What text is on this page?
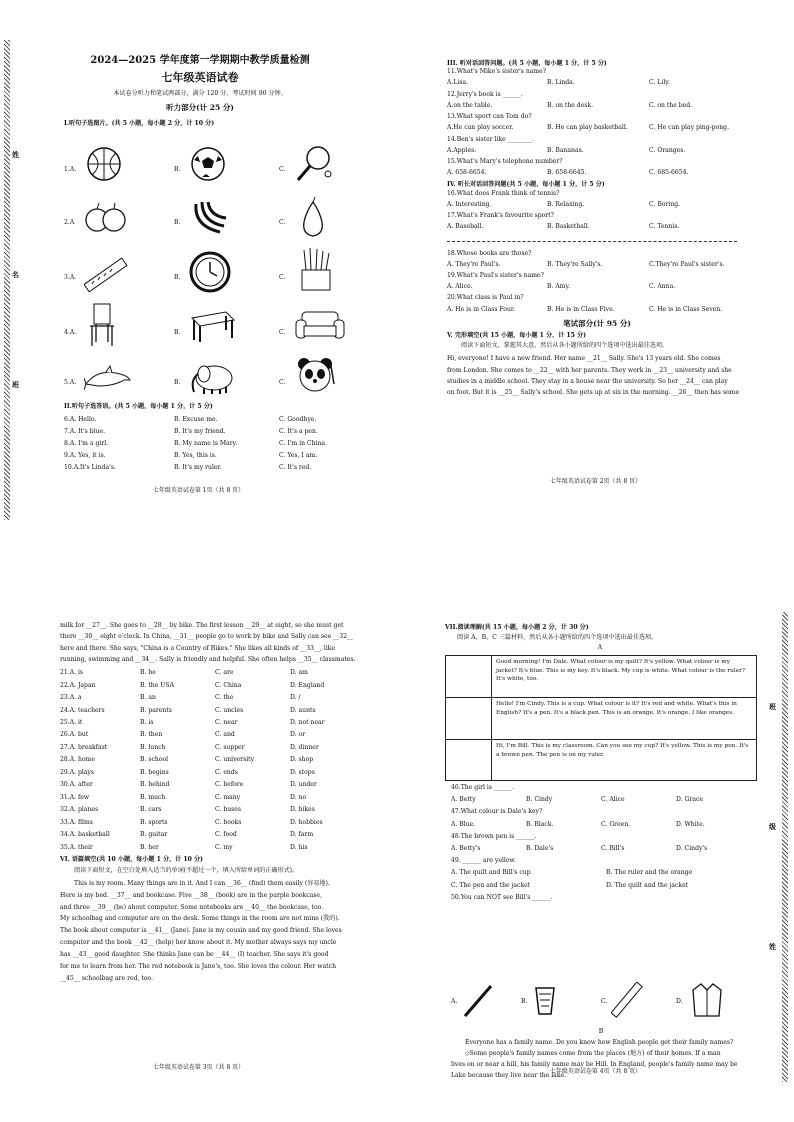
姓
名
班
2024—2025 学年度第一学期期中教学质量检测
七年级英语试卷
本试卷分听力和笔试两部分，满分 120 分，考试时间 90 分钟。
听力部分(计 25 分)
I.听句子选图片。(共 5 小题，每小题 2 分，计 10 分)
1.A.	B.	C.
2.A	B.	C.
3.A.	B.	C.
4.A.	B.	C.
5.A.	B.	C.
II.听句子选答语。(共 5 小题，每小题 1 分，计 5 分)
6.A. Hello.	B. Excuse me.	C. Goodbye.
7.A. It's blue.	B. It's my friend.	C. It's a pen.
8.A. I'm a girl.	B. My name is Mary.	C. I'm in China.
9.A. Yes, it is.	B. Yes, this is.	C. Yes, I am.
10.A.It's Linda's.	B. It's my ruler.	C. It's red.
七年级英语试卷第 1页（共 8 页）
III. 听对话回答问题。(共 5 小题，每小题 1 分，计 5 分)
11.What's Mike's sister's name?
A.Lisa.	B. Linda.	C. Lily.
12.Jerry's book is ______.
A.on the table.	B. on the desk.	C. on the bed.
13.What sport can Tom do?
A.He can play soccer.	B. He can play basketball.	C. He can play ping-pong.
14.Ben's sister like ________.
A.Apples.	B. Bananas.	C. Oranges.
15.What's Mary's telephone number?
A. 658-6654.	B. 658-6645.	C. 685-6654.
IV. 听长对话回答问题(共 5 小题，每小题 1 分，计 5 分)
16.What does Frank think of tennis?
A. Interesting.	B. Relaxing.	C. Boring.
17.What's Frank's favourite sport?
A. Baseball.	B. Basketball.	C. Tennis.
18.Whose books are those?
A. They're Paul's.	B. They're Sally's.	C.They're Paul's sister's.
19.What's Paul's sister's name?
A. Alice.	B. Amy.	C. Anna.
20.What class is Paul in?
A. He is in Class Four.	B. He is in Class Five.	C. He is in Class Seven.
笔试部分(计 95 分)
V. 完形填空(共 15 小题，每小题 1 分，计 15 分)
阅读下面短文，掌握其大意，然后从各小题所给的四个选项中选出最佳选项。
Hi, everyone! I have a new friend. Her name __21__ Sally. She's 13 years old. She comes
from London. She comes to __22__ with her parents. They work in __23__ university and she
studies in a middle school. They stay in a house near the university. So her __24__ can play
on foot. But it is __25__ Sally's school. She gets up at six in the morning. __26__ then has some
七年级英语试卷第 2页（共 8 页）
milk for __27__. She goes to __28__ by bike. The first lesson __29__ at eight, so she must get
there __30__ eight o'clock. In China, __31__ people go to work by bike and Sally can see __32__
here and there. She says, "China is a Country of Bikes." She likes all kinds of __33__, like
running, swimming and __34__. Sally is friendly and helpful. She often helps __35__ classmates.
21.A. is	B. be	C. are	D. am
22.A. Japan	B. the USA	C. China	D. England
23.A. a	B. an	C. the	D. /
24.A. teachers	B. parents	C. uncles	D. aunts
25.A. it	B. is	C. near	D. not near
26.A. but	B. then	C. and	D. or
27.A. breakfast	B. lunch	C. supper	D. dinner
28.A. home	B. school	C. university	D. shop
29.A. plays	B. begins	C. ends	D. stops
30.A. after	B. behind	C. before	D. under
31.A. few	B. much	C. many	D. no
32.A. planes	B. cars	C. buses	D. bikes
33.A. films	B. sports	C. books	D. hobbies
34.A. basketball	B. guitar	C. food	D. farm
35.A. their	B. her	C. my	D. his
VI. 语篇填空(共 10 小题，每小题 1 分，计 10 分)
阅读下面短文，在空白处填入适当的单词(不超过一个，填入所给单词的正确形式)。
This is my room. Many things are in it. And I can __36__ (find) them easily (容易地).
Here is my bed. __37__ and bookcase. Five __38__ (book) are in the purple bookcase,
and three __39__ (be) about computer. Some notebooks are __40__ the bookcase, too.
My schoolbag and computer are on the desk. Some things in the room are not mine (我的).
The book about computer is __41__ (Jane). Jane is my cousin and my good friend. She loves
computer and the book __42__ (help) her know about it. My mother always says my uncle
has __43__ good daughter. She thinks Jane can be __44__ (I) teacher. She says it's good
for me to learn from her. The red notebook is Jane's, too. She loves the colour. Her watch
__45__ schoolbag are red, too.
七年级英语试卷第 3页（共 8 页）
班
级
姓
VII.阅读理解(共 15 小题，每小题 2 分，计 30 分)
阅读 A、B、C 三篇材料，然后从各小题所给的四个选项中选出最佳选项。
A
Good morning! I'm Dale. What colour is my quilt? It's yellow. What colour is my jacket? It's blue. This is my key. It's black. My cup is white. What colour is the ruler? It's white, too.
Hello! I'm Cindy. This is a cup. What colour is it? It's red and white. What's this in English? It's a pen. It's a black pen. This is an orange. It's orange. I like oranges.
Hi, I'm Bill. This is my classroom. Can you see my cup? It's yellow. This is my pen. It's a brown pen. The pen is on my ruler.
46.The girl is ______.
A. Betty	B. Cindy	C. Alice	D. Grace
47.What colour is Dale's key?
A. Blue.	B. Black.	C. Green.	D. White.
48.The brown pen is ______.
A. Betty's	B. Dale's	C. Bill's	D. Cindy's
49. ______ are yellow.
A. The quilt and Bill's cup	B. The ruler and the orange
C. The pen and the jacket	D. The quilt and the jacket
50.You can NOT see Bill's ______.
A.	B.	C.	D.
B
Everyone has a family name. Do you know how English people get their family names?
◇Some people's family names come from the places (地方) of their homes. If a man
lives on or near a hill, his family name may be Hill. In England, people's family name may be
Lake because they live near the lake.
七年级英语试卷第 4页（共 8 页）
